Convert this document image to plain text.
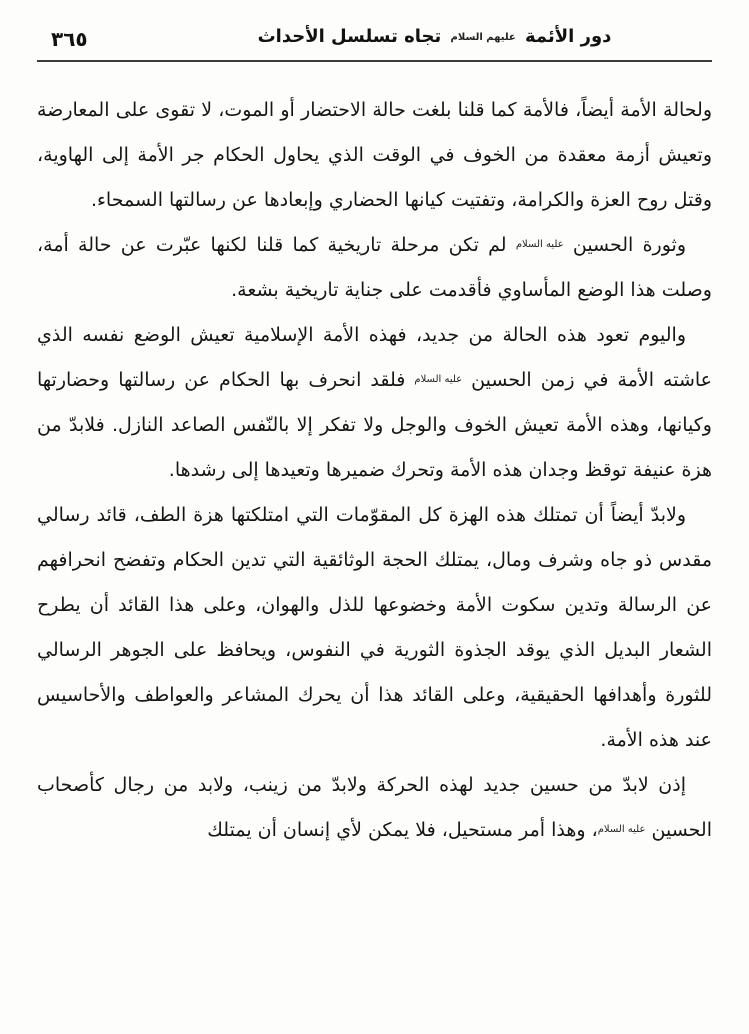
دور الأئمة عليهم السلام تجاه تسلسل الأحداث
٣٦٥

ولحالة الأمة أيضاً، فالأمة كما قلنا بلغت حالة الاحتضار أو الموت، لا تقوى على المعارضة وتعيش أزمة معقدة من الخوف في الوقت الذي يحاول الحكام جر الأمة إلى الهاوية، وقتل روح العزة والكرامة، وتفتيت كيانها الحضاري وإبعادها عن رسالتها السمحاء.

وثورة الحسين عليه السلام لم تكن مرحلة تاريخية كما قلنا لكنها عبّرت عن حالة أمة، وصلت هذا الوضع المأساوي فأقدمت على جناية تاريخية بشعة.

واليوم تعود هذه الحالة من جديد، فهذه الأمة الإسلامية تعيش الوضع نفسه الذي عاشته الأمة في زمن الحسين عليه السلام فلقد انحرف بها الحكام عن رسالتها وحضارتها وكيانها، وهذه الأمة تعيش الخوف والوجل ولا تفكر إلا بالنّفس الصاعد النازل. فلابدّ من هزة عنيفة توقظ وجدان هذه الأمة وتحرك ضميرها وتعيدها إلى رشدها.

ولابدّ أيضاً أن تمتلك هذه الهزة كل المقوّمات التي امتلكتها هزة الطف، قائد رسالي مقدس ذو جاه وشرف ومال، يمتلك الحجة الوثائقية التي تدين الحكام وتفضح انحرافهم عن الرسالة وتدين سكوت الأمة وخضوعها للذل والهوان، وعلى هذا القائد أن يطرح الشعار البديل الذي يوقد الجذوة الثورية في النفوس، ويحافظ على الجوهر الرسالي للثورة وأهدافها الحقيقية، وعلى القائد هذا أن يحرك المشاعر والعواطف والأحاسيس عند هذه الأمة.

إذن لابدّ من حسين جديد لهذه الحركة ولابدّ من زينب، ولابد من رجال كأصحاب الحسين عليه السلام، وهذا أمر مستحيل، فلا يمكن لأي إنسان أن يمتلك
